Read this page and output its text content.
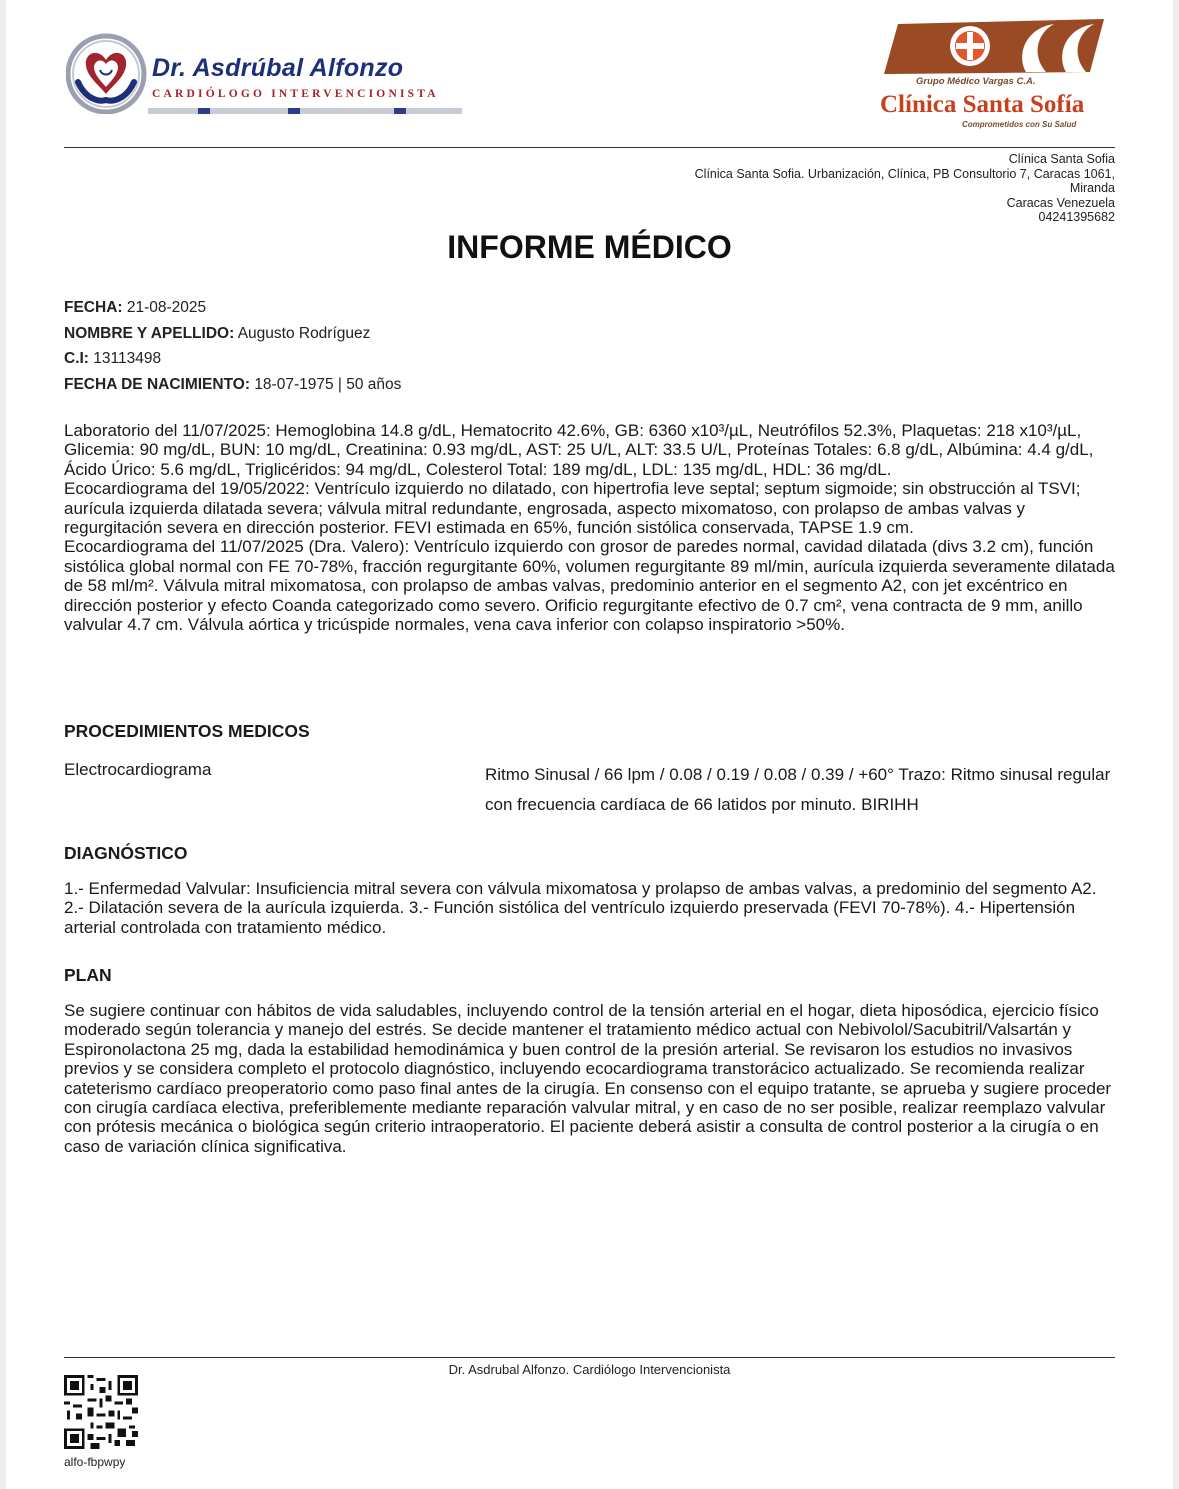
Dr. Asdrúbal Alfonzo
CARDIÓLOGO INTERVENCIONISTA
Grupo Médico Vargas C.A.
Clínica Santa Sofía
Comprometidos con Su Salud
Clínica Santa Sofia
Clínica Santa Sofia. Urbanización, Clínica, PB Consultorio 7, Caracas 1061,
Miranda
Caracas Venezuela
04241395682
INFORME MÉDICO
FECHA: 21-08-2025
NOMBRE Y APELLIDO: Augusto Rodríguez
C.I: 13113498
FECHA DE NACIMIENTO: 18-07-1975 | 50 años

Laboratorio del 11/07/2025: Hemoglobina 14.8 g/dL, Hematocrito 42.6%, GB: 6360 x10³/µL, Neutrófilos 52.3%, Plaquetas: 218 x10³/µL, Glicemia: 90 mg/dL, BUN: 10 mg/dL, Creatinina: 0.93 mg/dL, AST: 25 U/L, ALT: 33.5 U/L, Proteínas Totales: 6.8 g/dL, Albúmina: 4.4 g/dL, Ácido Úrico: 5.6 mg/dL, Triglicéridos: 94 mg/dL, Colesterol Total: 189 mg/dL, LDL: 135 mg/dL, HDL: 36 mg/dL.

Ecocardiograma del 19/05/2022: Ventrículo izquierdo no dilatado, con hipertrofia leve septal; septum sigmoide; sin obstrucción al TSVI; aurícula izquierda dilatada severa; válvula mitral redundante, engrosada, aspecto mixomatoso, con prolapso de ambas valvas y regurgitación severa en dirección posterior. FEVI estimada en 65%, función sistólica conservada, TAPSE 1.9 cm.

Ecocardiograma del 11/07/2025 (Dra. Valero): Ventrículo izquierdo con grosor de paredes normal, cavidad dilatada (divs 3.2 cm), función sistólica global normal con FE 70-78%, fracción regurgitante 60%, volumen regurgitante 89 ml/min, aurícula izquierda severamente dilatada de 58 ml/m². Válvula mitral mixomatosa, con prolapso de ambas valvas, predominio anterior en el segmento A2, con jet excéntrico en dirección posterior y efecto Coanda categorizado como severo. Orificio regurgitante efectivo de 0.7 cm², vena contracta de 9 mm, anillo valvular 4.7 cm. Válvula aórtica y tricúspide normales, vena cava inferior con colapso inspiratorio >50%.

PROCEDIMIENTOS MEDICOS
Electrocardiograma	Ritmo Sinusal / 66 lpm / 0.08 / 0.19 / 0.08 / 0.39 / +60° Trazo: Ritmo sinusal regular con frecuencia cardíaca de 66 latidos por minuto. BIRIHH
DIAGNÓSTICO
1.- Enfermedad Valvular: Insuficiencia mitral severa con válvula mixomatosa y prolapso de ambas valvas, a predominio del segmento A2. 2.- Dilatación severa de la aurícula izquierda. 3.- Función sistólica del ventrículo izquierdo preservada (FEVI 70-78%). 4.- Hipertensión arterial controlada con tratamiento médico.
PLAN
Se sugiere continuar con hábitos de vida saludables, incluyendo control de la tensión arterial en el hogar, dieta hiposódica, ejercicio físico moderado según tolerancia y manejo del estrés. Se decide mantener el tratamiento médico actual con Nebivolol/Sacubitril/Valsartán y Espironolactona 25 mg, dada la estabilidad hemodinámica y buen control de la presión arterial. Se revisaron los estudios no invasivos previos y se considera completo el protocolo diagnóstico, incluyendo ecocardiograma transtorácico actualizado. Se recomienda realizar cateterismo cardíaco preoperatorio como paso final antes de la cirugía. En consenso con el equipo tratante, se aprueba y sugiere proceder con cirugía cardíaca electiva, preferiblemente mediante reparación valvular mitral, y en caso de no ser posible, realizar reemplazo valvular con prótesis mecánica o biológica según criterio intraoperatorio. El paciente deberá asistir a consulta de control posterior a la cirugía o en caso de variación clínica significativa.
Dr. Asdrubal Alfonzo. Cardiólogo Intervencionista
alfo-fbpwpy
